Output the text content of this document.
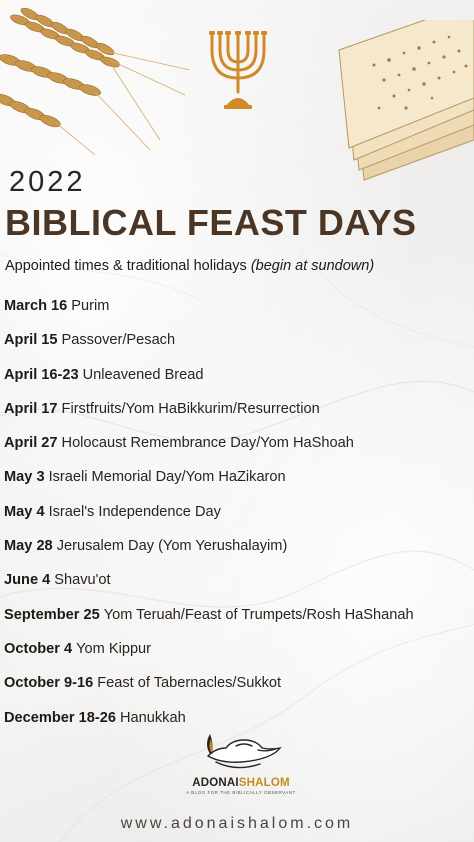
2022
BIBLICAL FEAST DAYS

Appointed times & traditional holidays (begin at sundown)

March 16 Purim
April 15 Passover/Pesach
April 16-23 Unleavened Bread
April 17 Firstfruits/Yom HaBikkurim/Resurrection
April 27 Holocaust Remembrance Day/Yom HaShoah
May 3 Israeli Memorial Day/Yom HaZikaron
May 4 Israel's Independence Day
May 28 Jerusalem Day (Yom Yerushalayim)
June 4 Shavu'ot
September 25 Yom Teruah/Feast of Trumpets/Rosh HaShanah
October 4 Yom Kippur
October 9-16 Feast of Tabernacles/Sukkot
December 18-26 Hanukkah
ADONAISHALOM
A BLOG FOR THE BIBLICALLY OBSERVANT
www.adonaishalom.com
